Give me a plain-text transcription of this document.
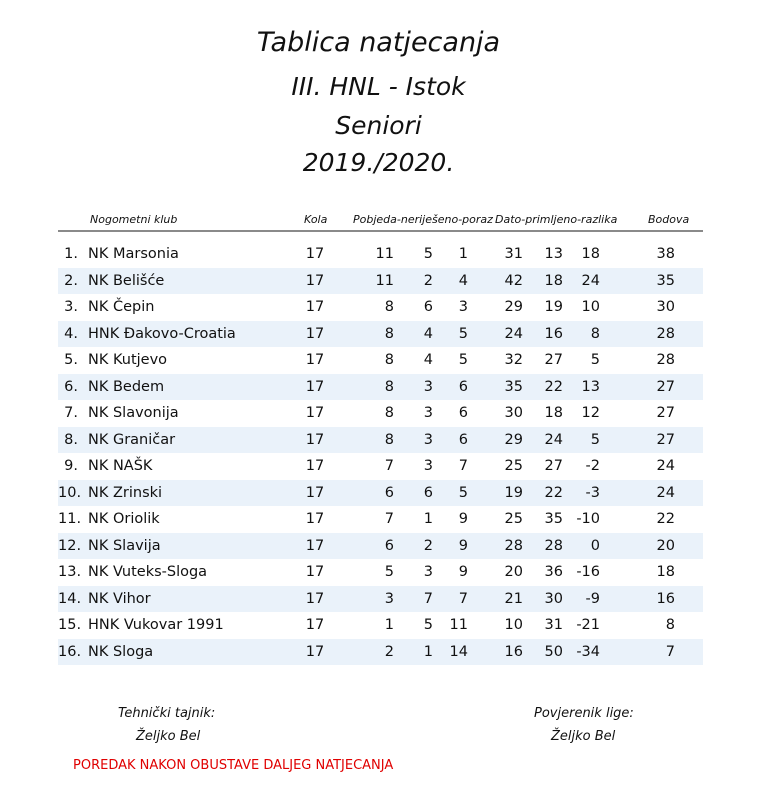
Tablica natjecanja
III. HNL - Istok
Seniori
2019./2020.
Nogometni klub	Kola Pobjeda-neriješeno-poraz Dato-primljeno-razlika	Bodova
1. NK Marsonia	17	11	5	1	31	13	18	38
2. NK Belišće	17	11	2	4	42	18	24	35
3. NK Čepin	17	8	6	3	29	19	10	30
4. HNK Đakovo-Croatia	17	8	4	5	24	16	8	28
5. NK Kutjevo	17	8	4	5	32	27	5	28
6. NK Bedem	17	8	3	6	35	22	13	27
7. NK Slavonija	17	8	3	6	30	18	12	27
8. NK Graničar	17	8	3	6	29	24	5	27
9. NK NAŠK	17	7	3	7	25	27	-2	24
10. NK Zrinski	17	6	6	5	19	22	-3	24
11. NK Oriolik	17	7	1	9	25	35 -10	22
12. NK Slavija	17	6	2	9	28	28	0	20
13. NK Vuteks-Sloga	17	5	3	9	20	36 -16	18
14. NK Vihor	17	3	7	7	21	30	-9	16
15. HNK Vukovar 1991	17	1	5	11	10	31 -21	8
16. NK Sloga	17	2	1	14	16	50 -34	7
Tehnički tajnik:
Željko Bel
Povjerenik lige:
Željko Bel
POREDAK NAKON OBUSTAVE DALJEG NATJECANJA
